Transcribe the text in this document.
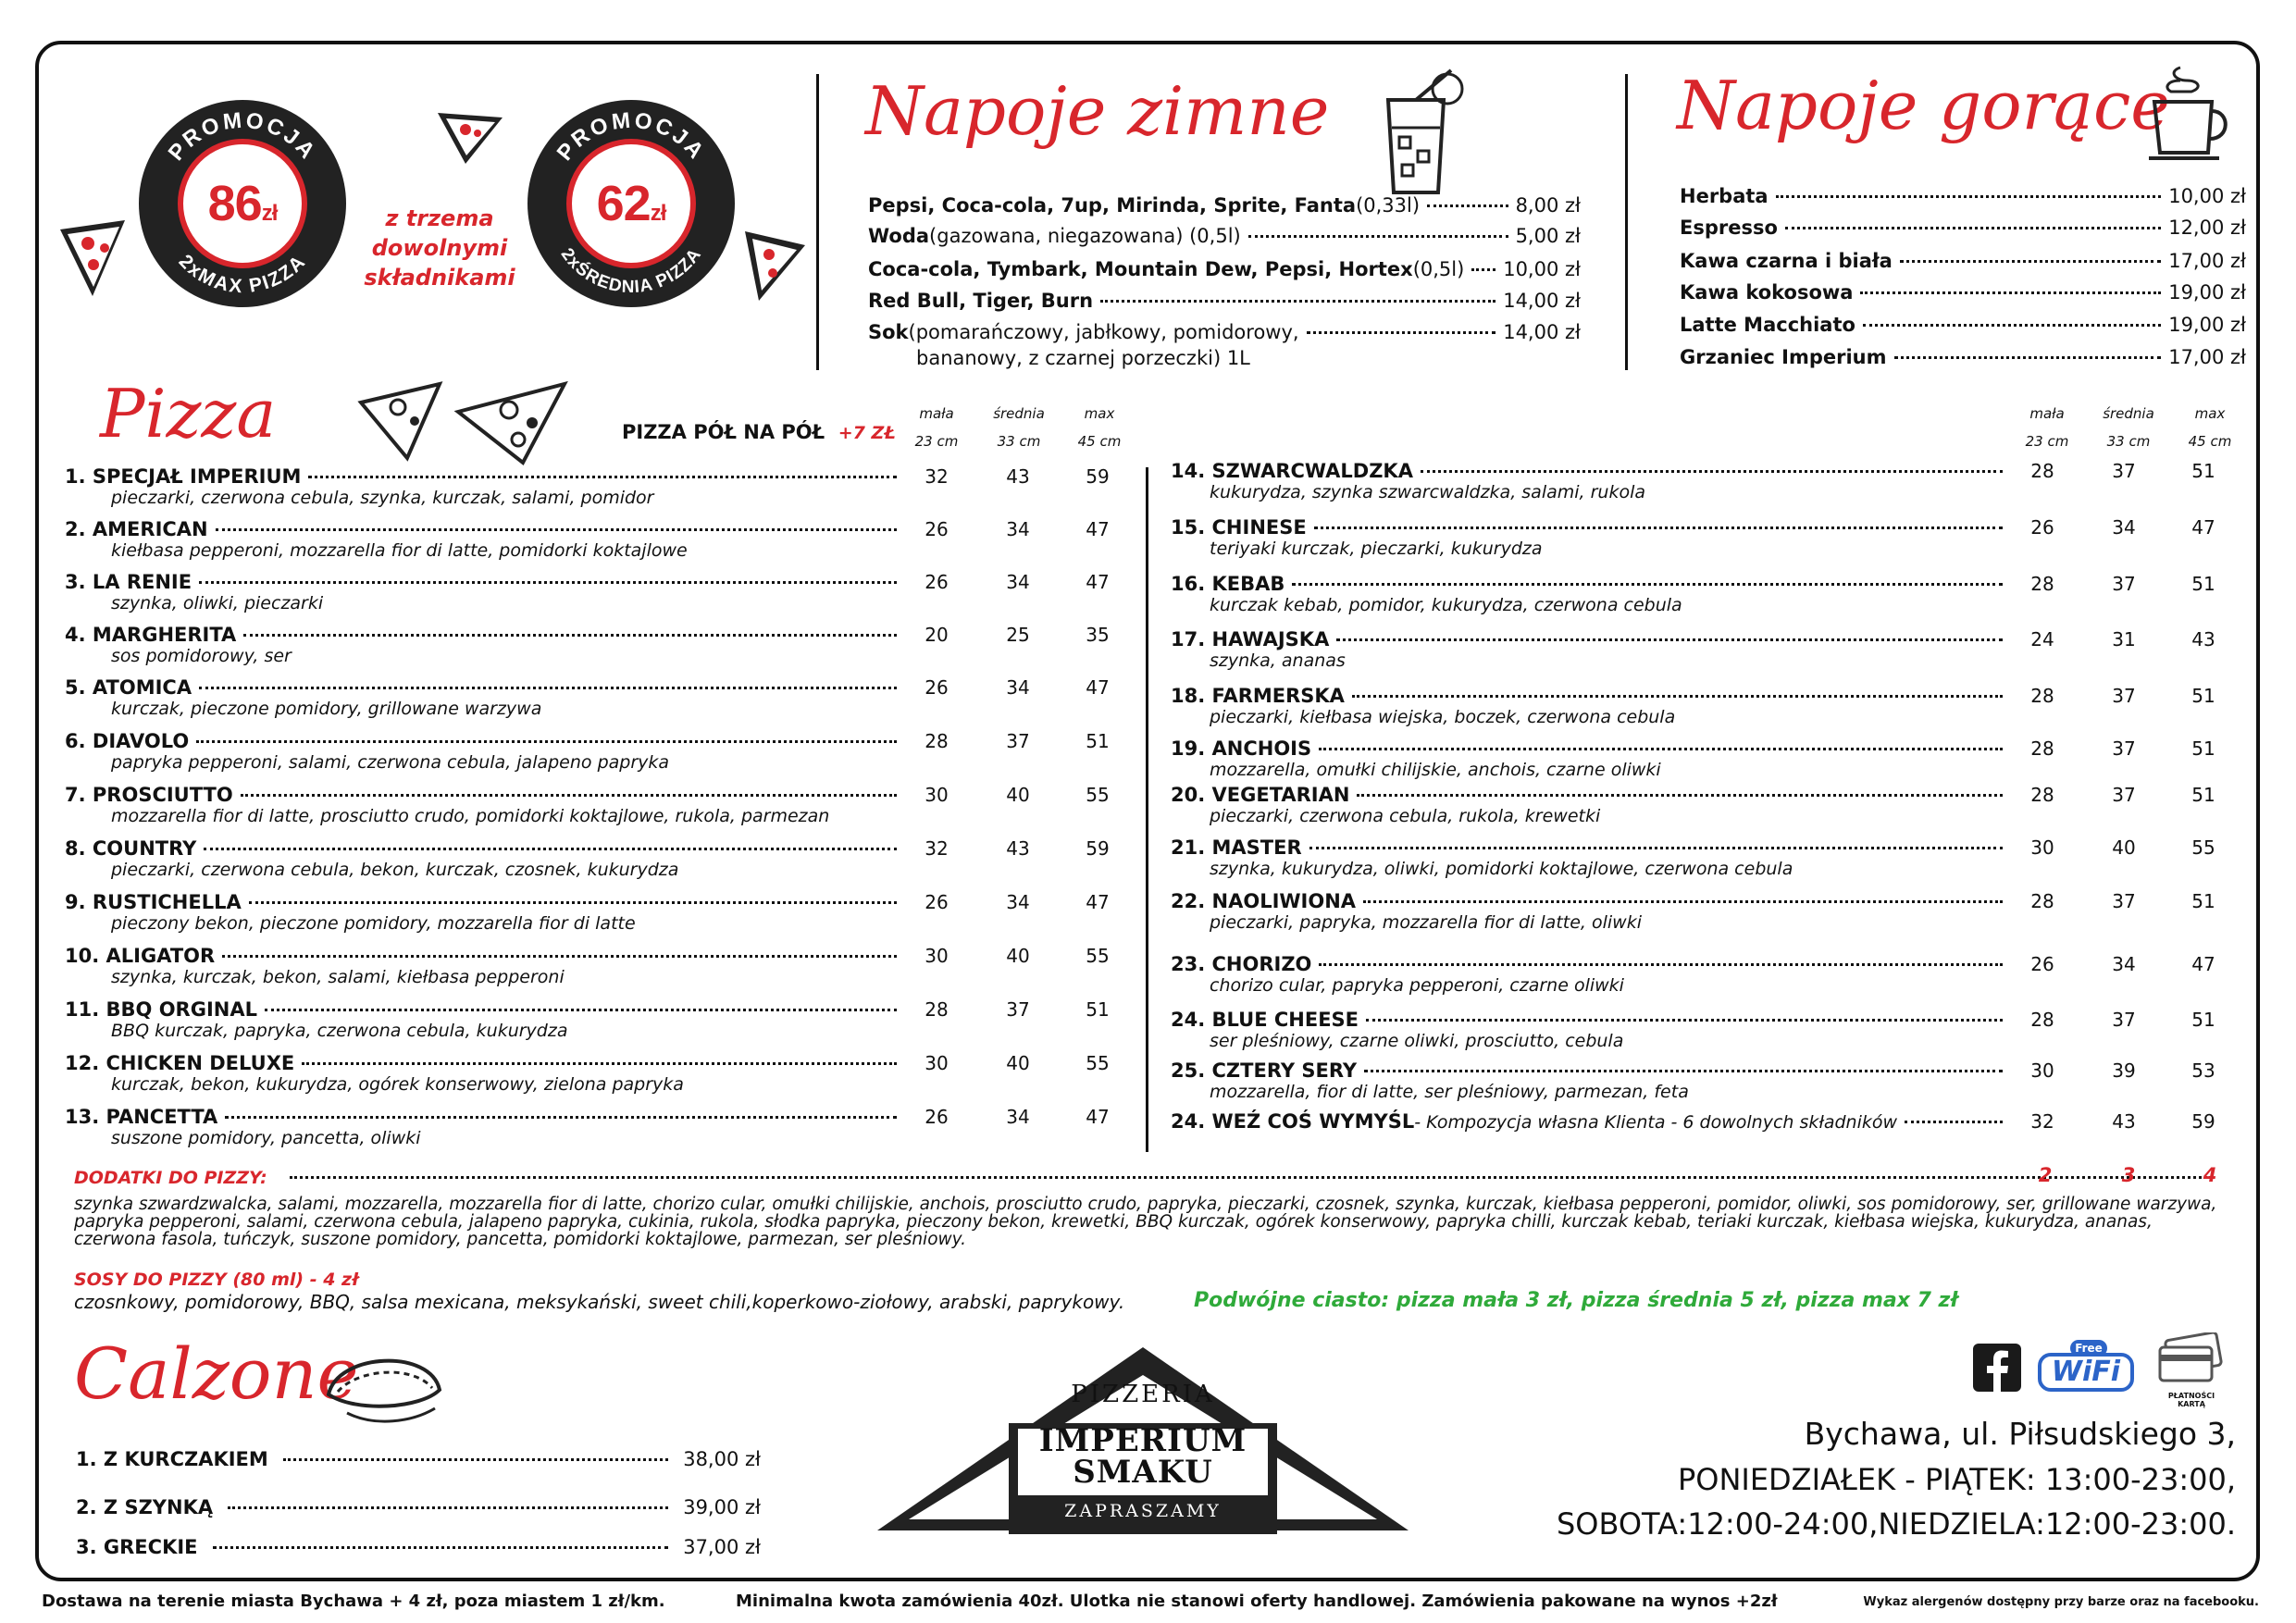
PROMOCJA
2xMAX PIZZA
86zł
PROMOCJA
2xŚREDNIA PIZZA
62zł
z trzema
dowolnymi
składnikami
Napoje zimne
Pepsi, Coca-cola, 7up, Mirinda, Sprite, Fanta (0,33l)	8,00 zł
Woda (gazowana, niegazowana) (0,5l)	5,00 zł
Coca-cola, Tymbark, Mountain Dew, Pepsi, Hortex (0,5l) 10,00 zł
Red Bull, Tiger, Burn	14,00 zł
Sok (pomarańczowy, jabłkowy, pomidorowy,	14,00 zł
bananowy, z czarnej porzeczki) 1L
Napoje gorące
Herbata	10,00 zł
Espresso	12,00 zł
Kawa czarna i biała	17,00 zł
Kawa kokosowa	19,00 zł
Latte Macchiato	19,00 zł
Grzaniec Imperium	17,00 zł
Pizza	PIZZA PÓŁ NA PÓŁ +7 ZŁ
mała
23 cm
średnia
33 cm
max
45 cm
mała
23 cm
średnia
33 cm
max
45 cm
1. SPECJAŁ IMPERIUM
pieczarki, czerwona cebula, szynka, kurczak, salami, pomidor
32	43	59
2. AMERICAN
kiełbasa pepperoni, mozzarella fior di latte, pomidorki koktajlowe
26	34	47
3. LA RENIE
szynka, oliwki, pieczarki
26	34	47
4. MARGHERITA
sos pomidorowy, ser
20	25	35
5. ATOMICA
kurczak, pieczone pomidory, grillowane warzywa
26	34	47
6. DIAVOLO
papryka pepperoni, salami, czerwona cebula, jalapeno papryka
28	37	51
7. PROSCIUTTO
mozzarella fior di latte, prosciutto crudo, pomidorki koktajlowe, rukola, parmezan
30	40	55
8. COUNTRY
pieczarki, czerwona cebula, bekon, kurczak, czosnek, kukurydza
32	43	59
9. RUSTICHELLA
pieczony bekon, pieczone pomidory, mozzarella fior di latte
26	34	47
10. ALIGATOR
szynka, kurczak, bekon, salami, kiełbasa pepperoni
30	40	55
11. BBQ ORGINAL
BBQ kurczak, papryka, czerwona cebula, kukurydza
28	37	51
12. CHICKEN DELUXE
kurczak, bekon, kukurydza, ogórek konserwowy, zielona papryka
30	40	55
13. PANCETTA
suszone pomidory, pancetta, oliwki
26	34	47
14. SZWARCWALDZKA
kukurydza, szynka szwarcwaldzka, salami, rukola
28	37	51
15. CHINESE
teriyaki kurczak, pieczarki, kukurydza
26	34	47
16. KEBAB
kurczak kebab, pomidor, kukurydza, czerwona cebula
28	37	51
17. HAWAJSKA
szynka, ananas
24	31	43
18. FARMERSKA
pieczarki, kiełbasa wiejska, boczek, czerwona cebula
28	37	51
19. ANCHOIS
mozzarella, omułki chilijskie, anchois, czarne oliwki
28	37	51
20. VEGETARIAN
pieczarki, czerwona cebula, rukola, krewetki
28	37	51
21. MASTER
szynka, kukurydza, oliwki, pomidorki koktajlowe, czerwona cebula
30	40	55
22. NAOLIWIONA
pieczarki, papryka, mozzarella fior di latte, oliwki
28	37	51
23. CHORIZO
chorizo cular, papryka pepperoni, czarne oliwki
26	34	47
24. BLUE CHEESE
ser pleśniowy, czarne oliwki, prosciutto, cebula
28	37	51
25. CZTERY SERY
mozzarella, fior di latte, ser pleśniowy, parmezan, feta
30	39	53
24. WEŹ COŚ WYMYŚL - Kompozycja własna Klienta - 6 dowolnych składników	32	43	59
DODATKI DO PIZZY:	2	3	4
szynka szwardzwalcka, salami, mozzarella, mozzarella fior di latte, chorizo cular, omułki chilijskie, anchois, prosciutto crudo, papryka, pieczarki, czosnek, szynka, kurczak, kiełbasa pepperoni, pomidor, oliwki, sos pomidorowy, ser, grillowane warzywa, papryka pepperoni, salami, czerwona cebula, jalapeno papryka, cukinia, rukola, słodka papryka, pieczony bekon, krewetki, BBQ kurczak, ogórek konserwowy, papryka chilli, kurczak kebab, teriaki kurczak, kiełbasa wiejska, kukurydza, ananas, czerwona fasola, tuńczyk, suszone pomidory, pancetta, pomidorki koktajlowe, parmezan, ser pleśniowy.
SOSY DO PIZZY (80 ml) - 4 zł
czosnkowy, pomidorowy, BBQ, salsa mexicana, meksykański, sweet chili,koperkowo-ziołowy, arabski, paprykowy.	Podwójne ciasto: pizza mała 3 zł, pizza średnia 5 zł, pizza max 7 zł
Calzone
1. Z KURCZAKIEM	38,00 zł
2. Z SZYNKĄ	39,00 zł
3. GRECKIE	37,00 zł
PIZZERIA
IMPERIUM
SMAKU
ZAPRASZAMY
Free
WiFi
PŁATNOŚCI KARTĄ
Bychawa, ul. Piłsudskiego 3,
PONIEDZIAŁEK - PIĄTEK: 13:00-23:00,
SOBOTA:12:00-24:00,NIEDZIELA:12:00-23:00.
Dostawa na terenie miasta Bychawa + 4 zł, poza miastem 1 zł/km.	Minimalna kwota zamówienia 40zł. Ulotka nie stanowi oferty handlowej. Zamówienia pakowane na wynos +2zł	Wykaz alergenów dostępny przy barze oraz na facebooku.
